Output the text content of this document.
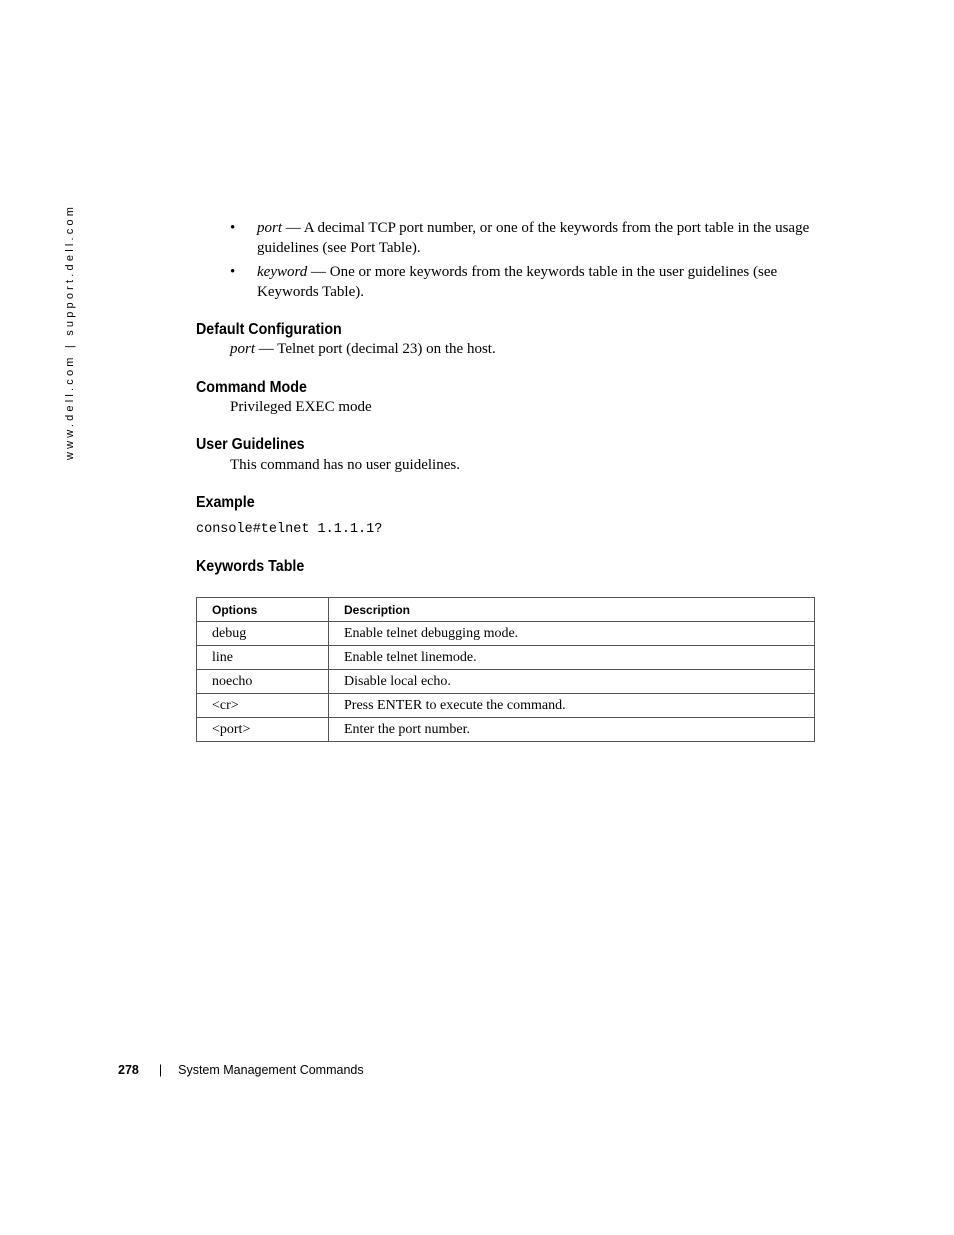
www.dell.com | support.dell.com	• port — A decimal TCP port number, or one of the keywords from the port table in the usage guidelines (see Port Table).
• keyword — One or more keywords from the keywords table in the user guidelines (see Keywords Table).
Default Configuration

port — Telnet port (decimal 23) on the host.

Command Mode

Privileged EXEC mode

User Guidelines

This command has no user guidelines.

Example

console#telnet 1.1.1.1?

Keywords Table
Options	Description
debug	Enable telnet debugging mode.
line	Enable telnet linemode.
noecho	Disable local echo.
<cr>	Press ENTER to execute the command.
<port>	Enter the port number.
278 | System Management Commands
